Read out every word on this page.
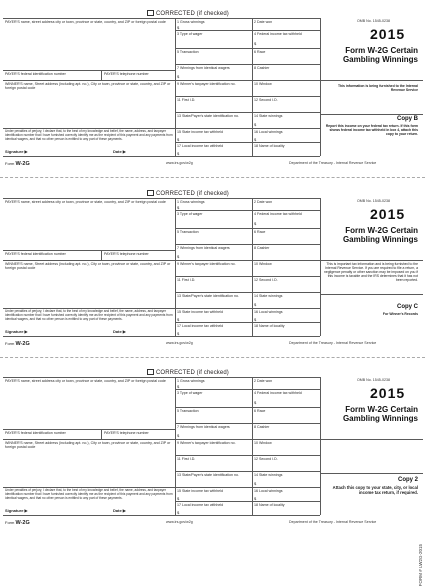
CORRECTED (if checked)
PAYER'S name, street address city or town, province or state, country, and ZIP or foreign postal code
PAYER'S federal identification number	PAYER'S telephone number
WINNER'S name, Street address (including apt. no.), City or town, province or state, country, and ZIP or foreign postal code
Under penalties of perjury, I declare that, to the best of my knowledge and belief, the name, address, and taxpayer identification number that I have furnished correctly identify me as the recipient of this payment and any payments from identical wagers, and that no other person is entitled to any part of these payments.
Signature ▶	Date ▶
1 Gross winnings
$
2 Date won
3 Type of wager	4 Federal income tax withheld
$
5 Transaction	6 Race
7 Winnings from identical wagers
$
8 Cashier
9 Winner's taxpayer identification no.	10 Window
11 First I.D.	12 Second I.D.
13 State/Payer's state identification no.	14 State winnings
$
15 State income tax withheld
$
16 Local winnings
$
17 Local income tax withheld
$
18 Name of locality
OMB No. 1545-0238
2015
Form W-2G Certain Gambling Winnings
This information is being furnished to the Internal Revenue Service
Copy B
Report this income on your federal tax return. If this form shows federal income tax withheld in box 4, attach this copy to your return.
Form W-2G	www.irs.gov/w2g	Department of the Treasury - Internal Revenue Service
CORRECTED (if checked)
PAYER'S name, street address city or town, province or state, country, and ZIP or foreign postal code
PAYER'S federal identification number	PAYER'S telephone number
WINNER'S name, Street address (including apt. no.), City or town, province or state, country, and ZIP or foreign postal code
Under penalties of perjury, I declare that, to the best of my knowledge and belief, the name, address, and taxpayer identification number that I have furnished correctly identify me as the recipient of this payment and any payments from identical wagers, and that no other person is entitled to any part of these payments.
Signature ▶	Date ▶
1 Gross winnings
$
2 Date won
3 Type of wager	4 Federal income tax withheld
$
5 Transaction	6 Race
7 Winnings from identical wagers
$
8 Cashier
9 Winner's taxpayer identification no.	10 Window
11 First I.D.	12 Second I.D.
13 State/Payer's state identification no.	14 State winnings
$
15 State income tax withheld
$
16 Local winnings
$
17 Local income tax withheld
$
18 Name of locality
OMB No. 1545-0238
2015
Form W-2G Certain Gambling Winnings
This is important tax information and is being furnished to the Internal Revenue Service. If you are required to file a return, a negligence penalty or other sanction may be imposed on you if this income is taxable and the IRS determines that it has not been reported.
Copy C
For Winner's Records
Form W-2G	www.irs.gov/w2g	Department of the Treasury - Internal Revenue Service
CORRECTED (if checked)
PAYER'S name, street address city or town, province or state, country, and ZIP or foreign postal code
PAYER'S federal identification number	PAYER'S telephone number
WINNER'S name, Street address (including apt. no.), City or town, province or state, country, and ZIP or foreign postal code
Under penalties of perjury, I declare that, to the best of my knowledge and belief, the name, address, and taxpayer identification number that I have furnished correctly identify me as the recipient of this payment and any payments from identical wagers, and that no other person is entitled to any part of these payments.
Signature ▶	Date ▶
1 Gross winnings
$
2 Date won
3 Type of wager	4 Federal income tax withheld
$
5 Transaction	6 Race
7 Winnings from identical wagers
$
8 Cashier
9 Winner's taxpayer identification no.	10 Window
11 First I.D.	12 Second I.D.
13 State/Payer's state identification no.	14 State winnings
$
15 State income tax withheld
$
16 Local winnings
$
17 Local income tax withheld
$
18 Name of locality
OMB No. 1545-0238
2015
Form W-2G Certain Gambling Winnings
Copy 2
Attach this copy to your state, city, or local income tax return, if required.
Form W-2G	www.irs.gov/w2g	Department of the Treasury - Internal Revenue Service
FORM # LW2G-2015
